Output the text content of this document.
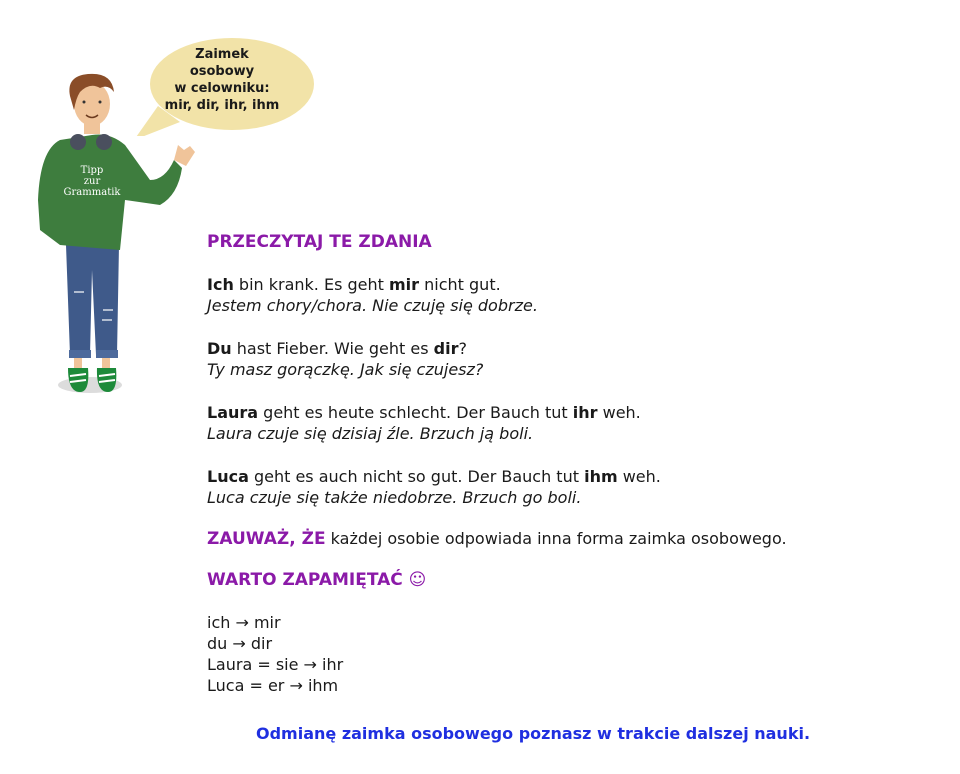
Tipp
zur
Grammatik
Zaimek
osobowy
w celowniku:
mir, dir, ihr, ihm
PRZECZYTAJ TE ZDANIA
Ich bin krank. Es geht mir nicht gut.
Jestem chory/chora. Nie czuję się dobrze.
Du hast Fieber. Wie geht es dir?
Ty masz gorączkę. Jak się czujesz?
Laura geht es heute schlecht. Der Bauch tut ihr weh.
Laura czuje się dzisiaj źle. Brzuch ją boli.
Luca geht es auch nicht so gut. Der Bauch tut ihm weh.
Luca czuje się także niedobrze. Brzuch go boli.
ZAUWAŻ, ŻE każdej osobie odpowiada inna forma zaimka osobowego.
WARTO ZAPAMIĘTAĆ ☺
ich → mir
du → dir
Laura = sie → ihr
Luca = er → ihm
Odmianę zaimka osobowego poznasz w trakcie dalszej nauki.
